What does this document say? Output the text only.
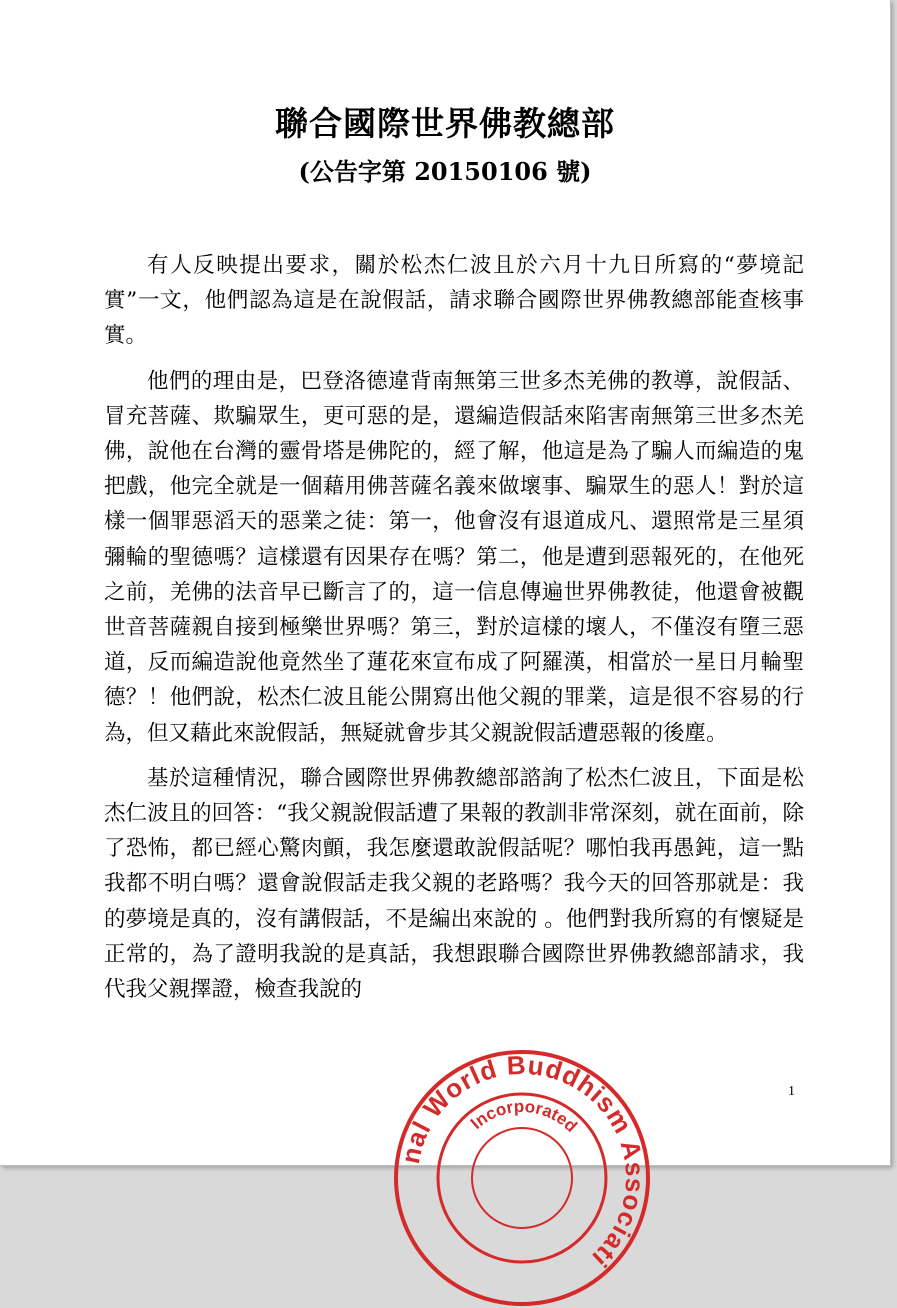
聯合國際世界佛教總部
(公告字第 20150106 號)

有人反映提出要求，關於松杰仁波且於六月十九日所寫的“夢境記實”一文，他們認為這是在說假話，請求聯合國際世界佛教總部能查核事實。

他們的理由是，巴登洛德違背南無第三世多杰羌佛的教導，說假話、冒充菩薩、欺騙眾生，更可惡的是，還編造假話來陷害南無第三世多杰羌佛，說他在台灣的靈骨塔是佛陀的，經了解，他這是為了騙人而編造的鬼把戲，他完全就是一個藉用佛菩薩名義來做壞事、騙眾生的惡人！對於這樣一個罪惡滔天的惡業之徒：第一，他會沒有退道成凡、還照常是三星須彌輪的聖德嗎？這樣還有因果存在嗎？第二，他是遭到惡報死的，在他死之前，羌佛的法音早已斷言了的，這一信息傳遍世界佛教徒，他還會被觀世音菩薩親自接到極樂世界嗎？第三，對於這樣的壞人，不僅沒有墮三惡道，反而編造說他竟然坐了蓮花來宣布成了阿羅漢，相當於一星日月輪聖德？！他們說，松杰仁波且能公開寫出他父親的罪業，這是很不容易的行為，但又藉此來說假話，無疑就會步其父親說假話遭惡報的後塵。

基於這種情況，聯合國際世界佛教總部諮詢了松杰仁波且，下面是松杰仁波且的回答：“我父親說假話遭了果報的教訓非常深刻，就在面前，除了恐怖，都已經心驚肉顫，我怎麼還敢說假話呢？哪怕我再愚鈍，這一點我都不明白嗎？還會說假話走我父親的老路嗎？我今天的回答那就是：我的夢境是真的，沒有講假話，不是編出來說的 。他們對我所寫的有懷疑是正常的，為了證明我說的是真話，我想跟聯合國際世界佛教總部請求，我代我父親擇證，檢查我說的

1
nal World Buddhism Associati
Incorporated
